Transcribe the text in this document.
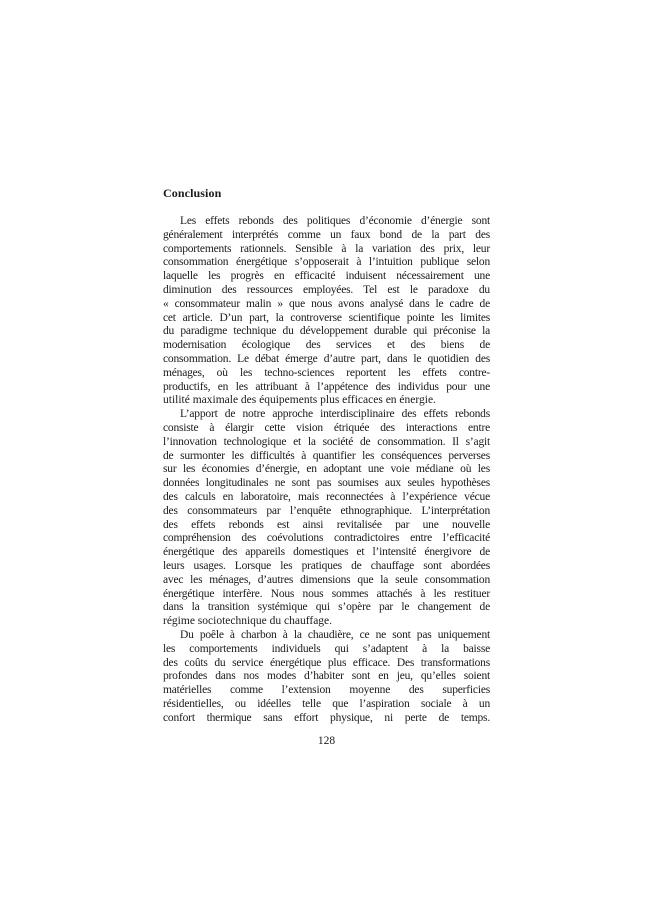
Conclusion
Les effets rebonds des politiques d’économie d’énergie sont
généralement interprétés comme un faux bond de la part des
comportements rationnels. Sensible à la variation des prix, leur
consommation énergétique s’opposerait à l’intuition publique selon
laquelle les progrès en efficacité induisent nécessairement une
diminution des ressources employées. Tel est le paradoxe du
« consommateur malin » que nous avons analysé dans le cadre de
cet article. D’un part, la controverse scientifique pointe les limites
du paradigme technique du développement durable qui préconise la
modernisation écologique des services et des biens de
consommation. Le débat émerge d’autre part, dans le quotidien des
ménages, où les techno-sciences reportent les effets contre-
productifs, en les attribuant à l’appétence des individus pour une
utilité maximale des équipements plus efficaces en énergie.
L’apport de notre approche interdisciplinaire des effets rebonds
consiste à élargir cette vision étriquée des interactions entre
l’innovation technologique et la société de consommation. Il s’agit
de surmonter les difficultés à quantifier les conséquences perverses
sur les économies d’énergie, en adoptant une voie médiane où les
données longitudinales ne sont pas soumises aux seules hypothèses
des calculs en laboratoire, mais reconnectées à l’expérience vécue
des consommateurs par l’enquête ethnographique. L’interprétation
des effets rebonds est ainsi revitalisée par une nouvelle
compréhension des coévolutions contradictoires entre l’efficacité
énergétique des appareils domestiques et l’intensité énergivore de
leurs usages. Lorsque les pratiques de chauffage sont abordées
avec les ménages, d’autres dimensions que la seule consommation
énergétique interfère. Nous nous sommes attachés à les restituer
dans la transition systémique qui s’opère par le changement de
régime sociotechnique du chauffage.
Du poêle à charbon à la chaudière, ce ne sont pas uniquement
les comportements individuels qui s’adaptent à la baisse
des coûts du service énergétique plus efficace. Des transformations
profondes dans nos modes d’habiter sont en jeu, qu’elles soient
matérielles comme l’extension moyenne des superficies
résidentielles, ou idéelles telle que l’aspiration sociale à un
confort thermique sans effort physique, ni perte de temps.
128
